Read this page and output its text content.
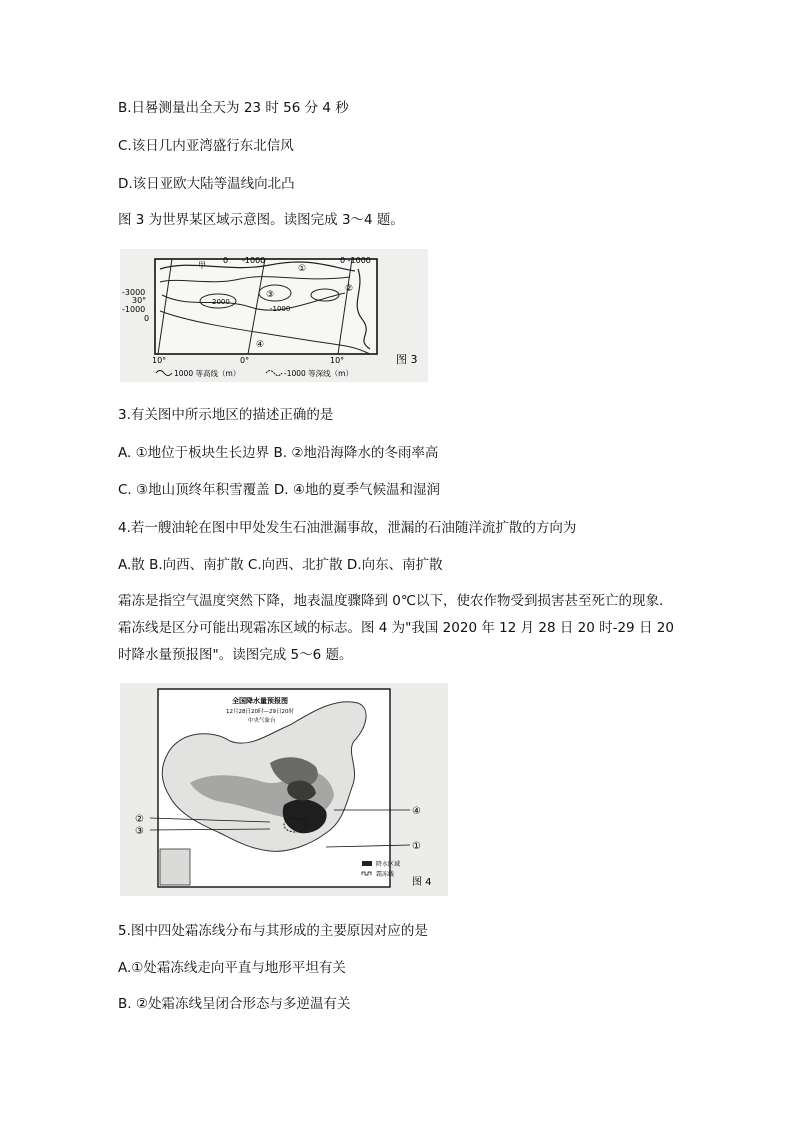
B.日晷测量出全天为 23 时 56 分 4 秒
C.该日几内亚湾盛行东北信风
D.该日亚欧大陆等温线向北凸
图 3 为世界某区域示意图。读图完成 3～4 题。
甲
0 -1000	0 -1000
-3000
30°
-1000
0
2000
-1000
①
②
③
④
10°	0°	10°
1000 等高线（m）	-1000 等深线（m）
图 3
3.有关图中所示地区的描述正确的是
A. ①地位于板块生长边界 B. ②地沿海降水的冬雨率高
C. ③地山顶终年积雪覆盖 D. ④地的夏季气候温和湿润
4.若一艘油轮在图中甲处发生石油泄漏事故，泄漏的石油随洋流扩散的方向为
A.散 B.向西、南扩散 C.向西、北扩散 D.向东、南扩散
霜冻是指空气温度突然下降，地表温度骤降到 0℃以下，使农作物受到损害甚至死亡的现象. 霜冻线是区分可能出现霜冻区域的标志。图 4 为"我国 2020 年 12 月 28 日 20 时-29 日 20 时降水量预报图"。读图完成 5～6 题。
全国降水量预报图
12月28日20时—29日20时
中央气象台
②
③
④
①
降水区域
霜冻线
图 4
5.图中四处霜冻线分布与其形成的主要原因对应的是
A.①处霜冻线走向平直与地形平坦有关
B. ②处霜冻线呈闭合形态与多逆温有关
